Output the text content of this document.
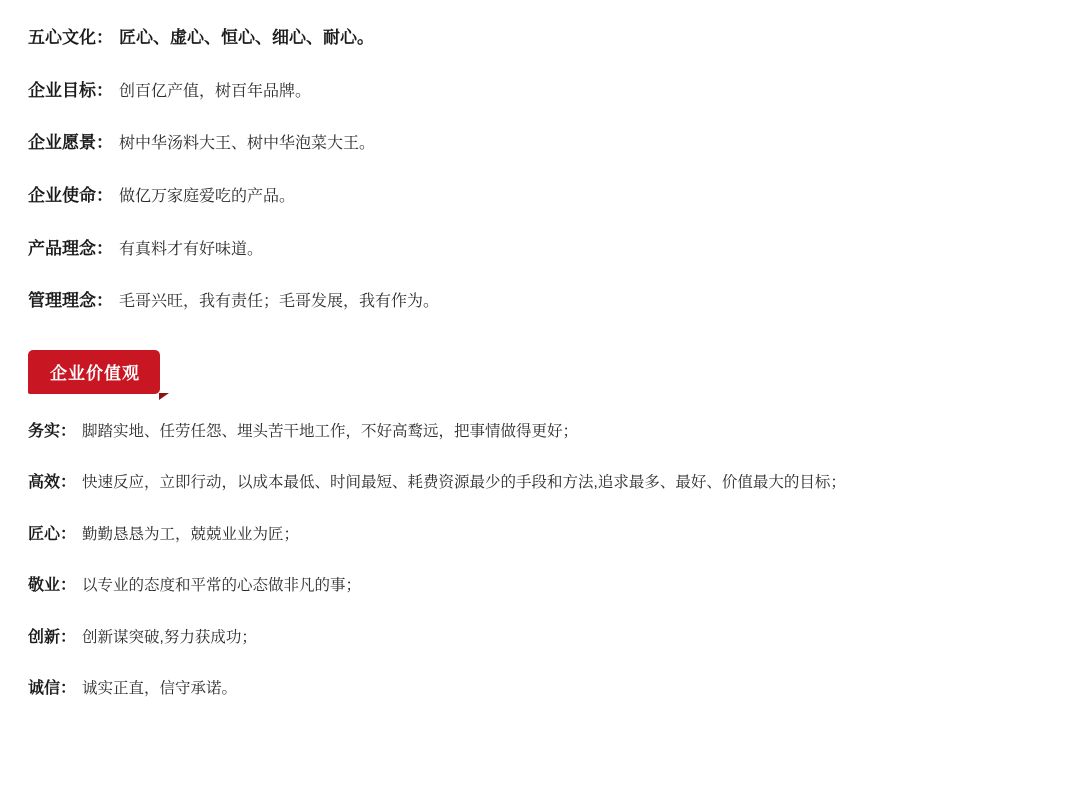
五心文化： 匠心、虚心、恒心、细心、耐心。
企业目标： 创百亿产值，树百年品牌。
企业愿景： 树中华汤料大王、树中华泡菜大王。
企业使命： 做亿万家庭爱吃的产品。
产品理念： 有真料才有好味道。
管理理念： 毛哥兴旺，我有责任；毛哥发展，我有作为。
企业价值观
务实： 脚踏实地、任劳任怨、埋头苦干地工作，不好高鹜远，把事情做得更好；
高效： 快速反应，立即行动，以成本最低、时间最短、耗费资源最少的手段和方法,追求最多、最好、价值最大的目标；
匠心： 勤勤恳恳为工，兢兢业业为匠；
敬业： 以专业的态度和平常的心态做非凡的事；
创新： 创新谋突破,努力获成功；
诚信： 诚实正直，信守承诺。
